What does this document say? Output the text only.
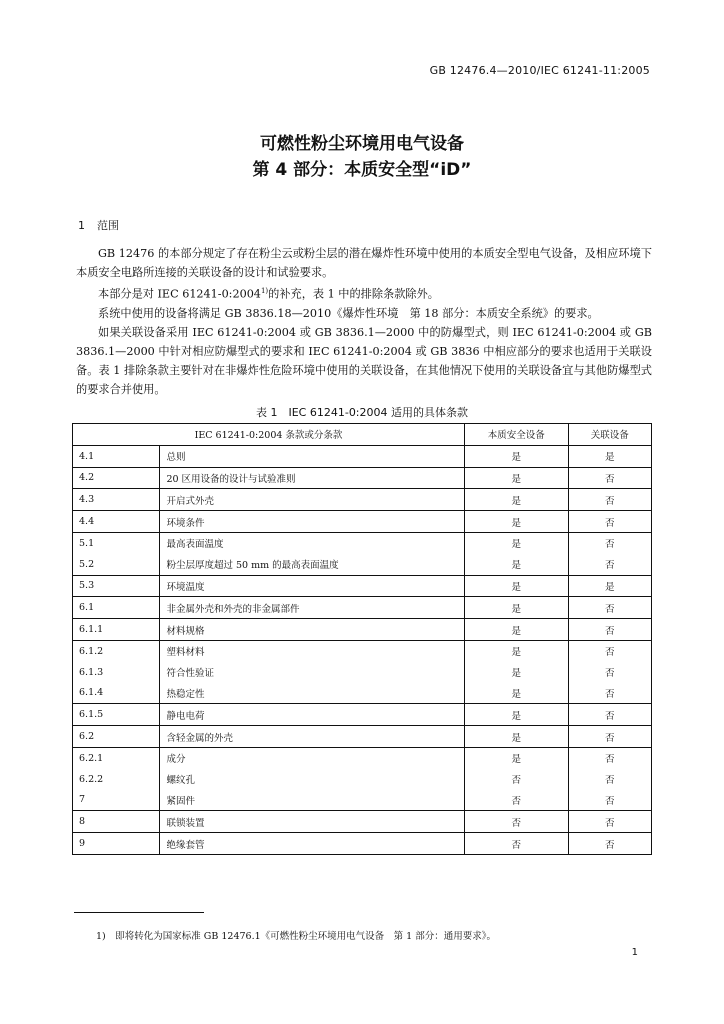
GB 12476.4—2010/IEC 61241-11:2005
可燃性粉尘环境用电气设备
第 4 部分：本质安全型“iD”
1 范围

GB 12476 的本部分规定了存在粉尘云或粉尘层的潜在爆炸性环境中使用的本质安全型电气设备，及相应环境下本质安全电路所连接的关联设备的设计和试验要求。

本部分是对 IEC 61241-0:2004$^{1)}$的补充，表 1 中的排除条款除外。

系统中使用的设备将满足 GB 3836.18—2010《爆炸性环境　第 18 部分：本质安全系统》的要求。

如果关联设备采用 IEC 61241-0:2004 或 GB 3836.1—2000 中的防爆型式，则 IEC 61241-0:2004 或 GB 3836.1—2000 中针对相应防爆型式的要求和 IEC 61241-0:2004 或 GB 3836 中相应部分的要求也适用于关联设备。表 1 排除条款主要针对在非爆炸性危险环境中使用的关联设备，在其他情况下使用的关联设备宜与其他防爆型式的要求合并使用。

表 1　IEC 61241-0:2004 适用的具体条款
IEC 61241-0:2004 条款或分条款		本质安全设备	关联设备
4.1	总则	是	是
4.2	20 区用设备的设计与试验准则	是	否
4.3	开启式外壳	是	否
4.4	环境条件	是	否
5.1	最高表面温度	是	否
5.2	粉尘层厚度超过 50 mm 的最高表面温度	是	否
5.3	环境温度	是	是
6.1	非金属外壳和外壳的非金属部件	是	否
6.1.1	材料规格	是	否
6.1.2	塑料材料	是	否
6.1.3	符合性验证	是	否
6.1.4	热稳定性	是	否
6.1.5	静电电荷	是	否
6.2	含轻金属的外壳	是	否
6.2.1	成分	是	否
6.2.2	螺纹孔	否	否
7	紧固件	否	否
8	联锁装置	否	否
9	绝缘套管	否	否
1)　即将转化为国家标准 GB 12476.1《可燃性粉尘环境用电气设备　第 1 部分：通用要求》。
1
